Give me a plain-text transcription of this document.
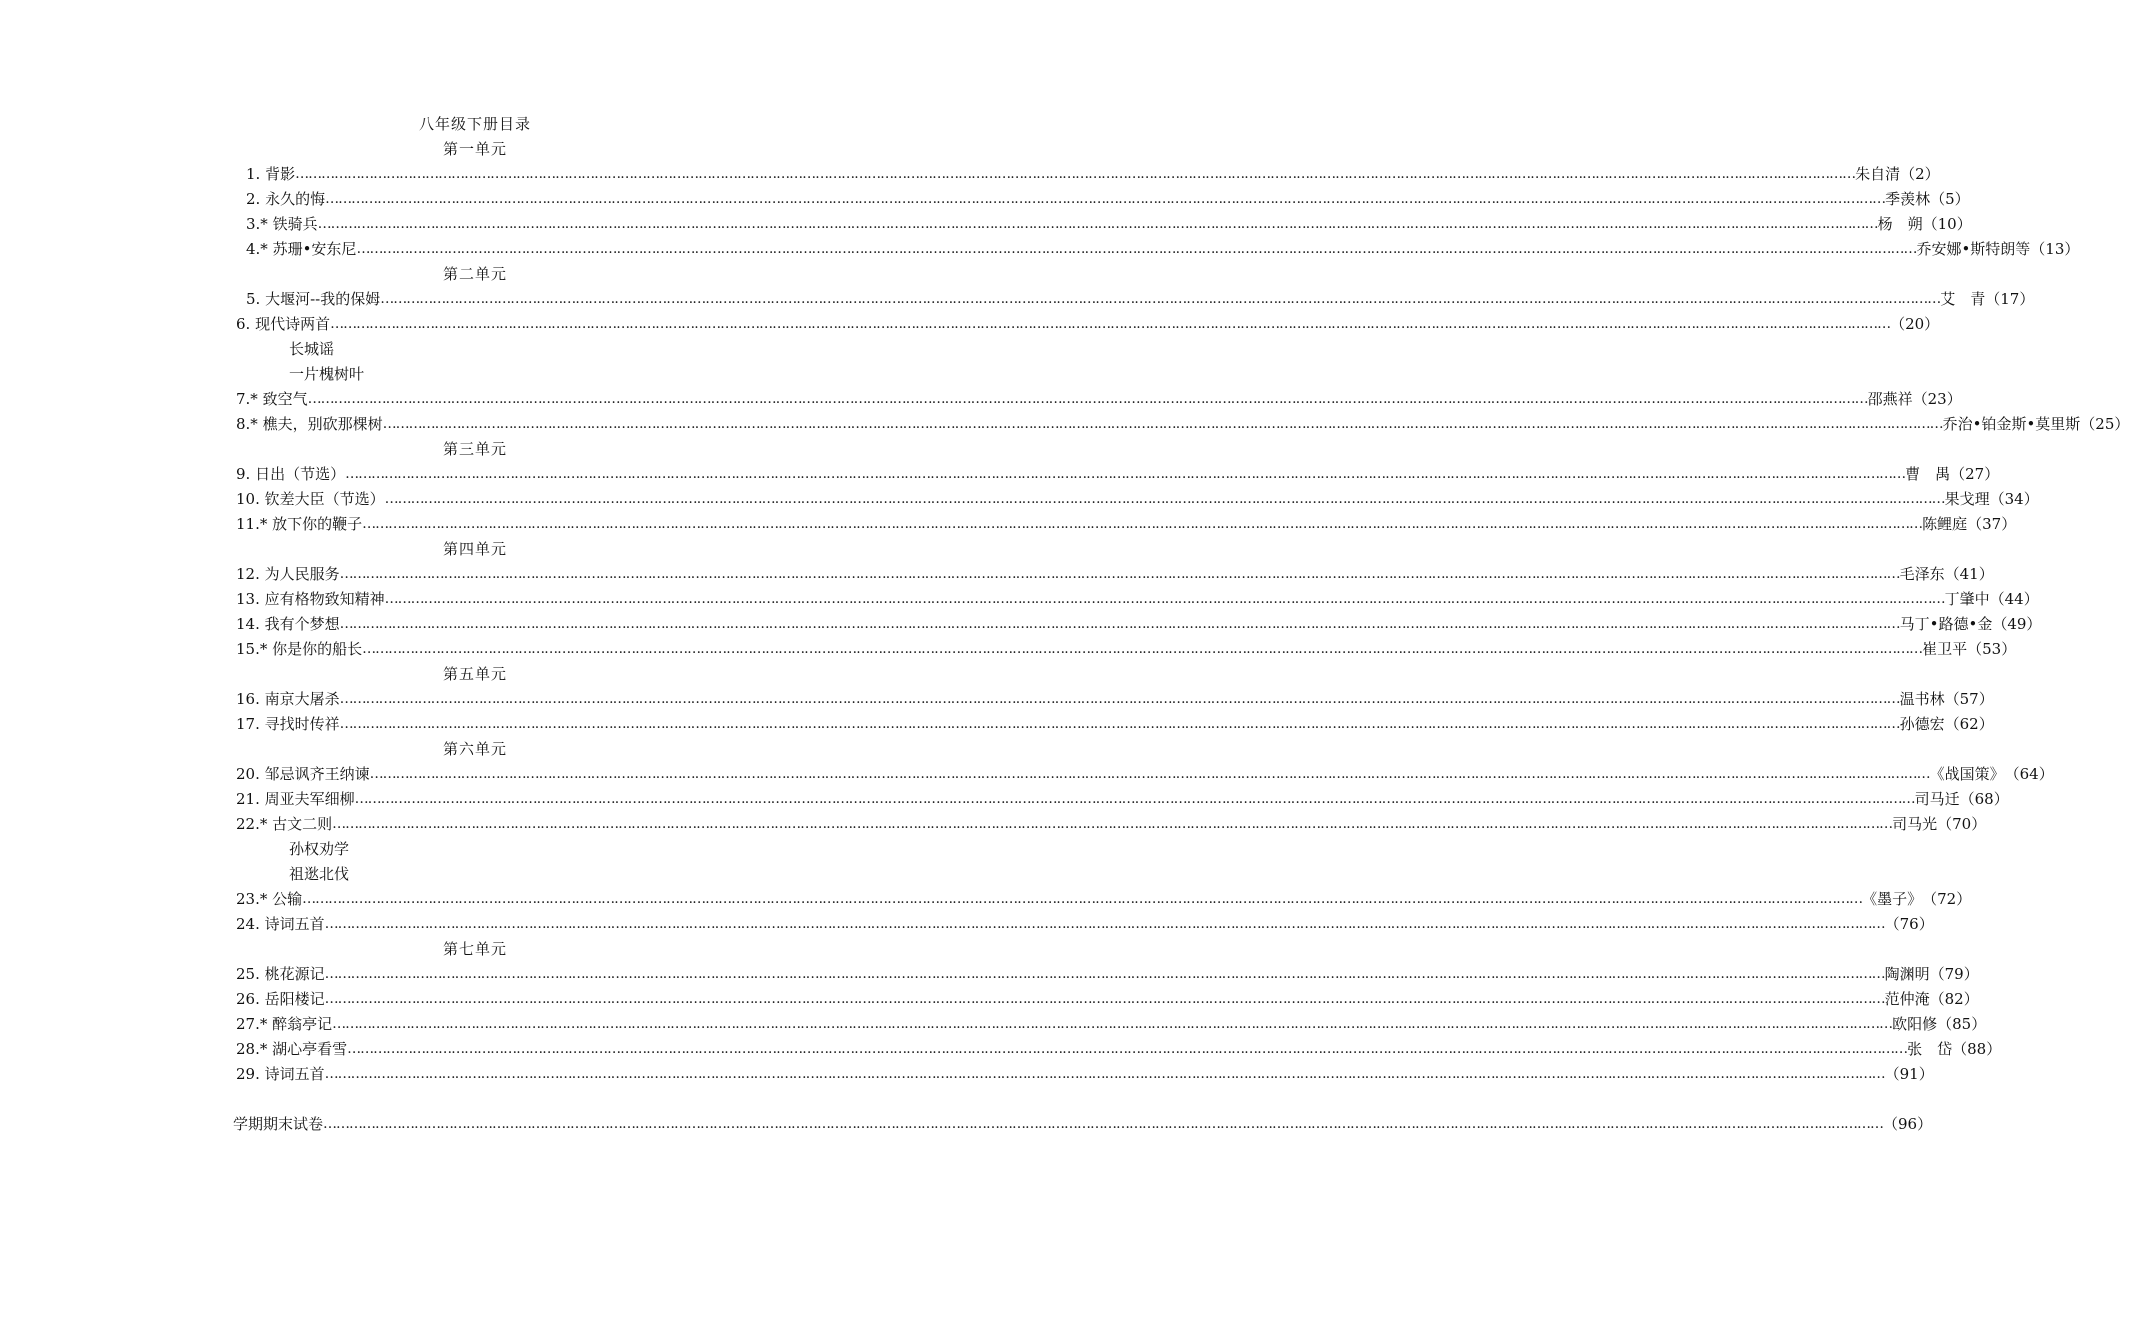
八年级下册目录
第一单元
1. 背影 ……………………………………………………………………………………………………………………………………………………………………………………………………………………………………………………………………………………………………………………………… 朱自清 （2）
2. 永久的悔 ……………………………………………………………………………………………………………………………………………………………………………………………………………………………………………………………………………………………………………………………… 季羡林 （5）
3.* 铁骑兵 ……………………………………………………………………………………………………………………………………………………………………………………………………………………………………………………………………………………………………………………………… 杨　朔 （10）
4.* 苏珊•安东尼 ……………………………………………………………………………………………………………………………………………………………………………………………………………………………………………………………………………………………………………………………… 乔安娜•斯特朗等 （13）
第二单元
5. 大堰河--我的保姆 ……………………………………………………………………………………………………………………………………………………………………………………………………………………………………………………………………………………………………………………………… 艾　青 （17）
6. 现代诗两首 ……………………………………………………………………………………………………………………………………………………………………………………………………………………………………………………………………………………………………………………………… （20）
长城谣
一片槐树叶
7.* 致空气 ……………………………………………………………………………………………………………………………………………………………………………………………………………………………………………………………………………………………………………………………… 邵燕祥 （23）
8.* 樵夫，别砍那棵树 ……………………………………………………………………………………………………………………………………………………………………………………………………………………………………………………………………………………………………………………………… 乔治•铂金斯•莫里斯 （25）
第三单元
9. 日出（节选） ……………………………………………………………………………………………………………………………………………………………………………………………………………………………………………………………………………………………………………………………… 曹　禺 （27）
10. 钦差大臣（节选） ……………………………………………………………………………………………………………………………………………………………………………………………………………………………………………………………………………………………………………………………… 果戈理 （34）
11.* 放下你的鞭子 ……………………………………………………………………………………………………………………………………………………………………………………………………………………………………………………………………………………………………………………………… 陈鲤庭 （37）
第四单元
12. 为人民服务 ……………………………………………………………………………………………………………………………………………………………………………………………………………………………………………………………………………………………………………………………… 毛泽东 （41）
13. 应有格物致知精神 ……………………………………………………………………………………………………………………………………………………………………………………………………………………………………………………………………………………………………………………………… 丁肇中 （44）
14. 我有个梦想 ……………………………………………………………………………………………………………………………………………………………………………………………………………………………………………………………………………………………………………………………… 马丁•路德•金 （49）
15.* 你是你的船长 ……………………………………………………………………………………………………………………………………………………………………………………………………………………………………………………………………………………………………………………………… 崔卫平 （53）
第五单元
16. 南京大屠杀 ……………………………………………………………………………………………………………………………………………………………………………………………………………………………………………………………………………………………………………………………… 温书林 （57）
17. 寻找时传祥 ……………………………………………………………………………………………………………………………………………………………………………………………………………………………………………………………………………………………………………………………… 孙德宏 （62）
第六单元
20. 邹忌讽齐王纳谏 ……………………………………………………………………………………………………………………………………………………………………………………………………………………………………………………………………………………………………………………………… 《战国策》 （64）
21. 周亚夫军细柳 ……………………………………………………………………………………………………………………………………………………………………………………………………………………………………………………………………………………………………………………………… 司马迁 （68）
22.* 古文二则 ……………………………………………………………………………………………………………………………………………………………………………………………………………………………………………………………………………………………………………………………… 司马光 （70）
孙权劝学
祖逖北伐
23.* 公输 ……………………………………………………………………………………………………………………………………………………………………………………………………………………………………………………………………………………………………………………………… 《墨子》 （72）
24. 诗词五首 ……………………………………………………………………………………………………………………………………………………………………………………………………………………………………………………………………………………………………………………………… （76）
第七单元
25. 桃花源记 ……………………………………………………………………………………………………………………………………………………………………………………………………………………………………………………………………………………………………………………………… 陶渊明 （79）
26. 岳阳楼记 ……………………………………………………………………………………………………………………………………………………………………………………………………………………………………………………………………………………………………………………………… 范仲淹 （82）
27.* 醉翁亭记 ……………………………………………………………………………………………………………………………………………………………………………………………………………………………………………………………………………………………………………………………… 欧阳修 （85）
28.* 湖心亭看雪 ……………………………………………………………………………………………………………………………………………………………………………………………………………………………………………………………………………………………………………………………… 张　岱 （88）
29. 诗词五首 ……………………………………………………………………………………………………………………………………………………………………………………………………………………………………………………………………………………………………………………………… （91）
学期期末试卷 ……………………………………………………………………………………………………………………………………………………………………………………………………………………………………………………………………………………………………………………………… （96）
